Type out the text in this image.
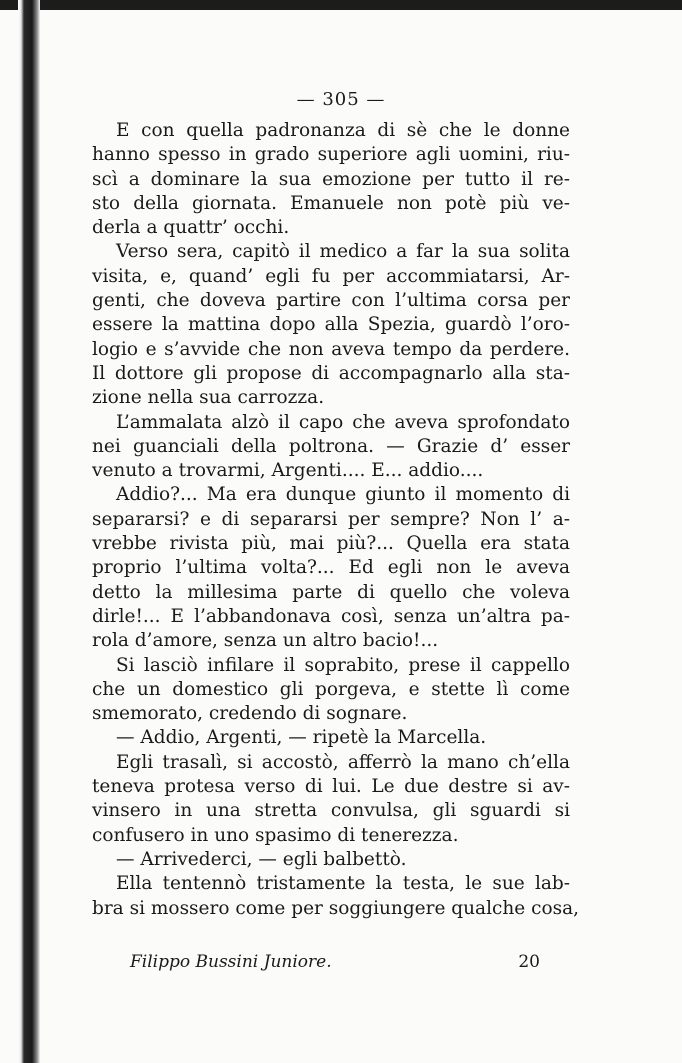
— 305 —
E con quella padronanza di sè che le donne
hanno spesso in grado superiore agli uomini, riu-
scì a dominare la sua emozione per tutto il re-
sto della giornata. Emanuele non potè più ve-
derla a quattr’ occhi.
Verso sera, capitò il medico a far la sua solita
visita, e, quand’ egli fu per accommiatarsi, Ar-
genti, che doveva partire con l’ultima corsa per
essere la mattina dopo alla Spezia, guardò l’oro-
logio e s’avvide che non aveva tempo da perdere.
Il dottore gli propose di accompagnarlo alla sta-
zione nella sua carrozza.
L’ammalata alzò il capo che aveva sprofondato
nei guanciali della poltrona. — Grazie d’ esser
venuto a trovarmi, Argenti.... E... addio....
Addio?... Ma era dunque giunto il momento di
separarsi? e di separarsi per sempre? Non l’ a-
vrebbe rivista più, mai più?... Quella era stata
proprio l’ultima volta?... Ed egli non le aveva
detto la millesima parte di quello che voleva
dirle!... E l’abbandonava così, senza un’altra pa-
rola d’amore, senza un altro bacio!...
Si lasciò infilare il soprabito, prese il cappello
che un domestico gli porgeva, e stette lì come
smemorato, credendo di sognare.
— Addio, Argenti, — ripetè la Marcella.
Egli trasalì, si accostò, afferrò la mano ch’ella
teneva protesa verso di lui. Le due destre si av-
vinsero in una stretta convulsa, gli sguardi si
confusero in uno spasimo di tenerezza.
— Arrivederci, — egli balbettò.
Ella tentennò tristamente la testa, le sue lab-
bra si mossero come per soggiungere qualche cosa,
Filippo Bussini Juniore.	20
